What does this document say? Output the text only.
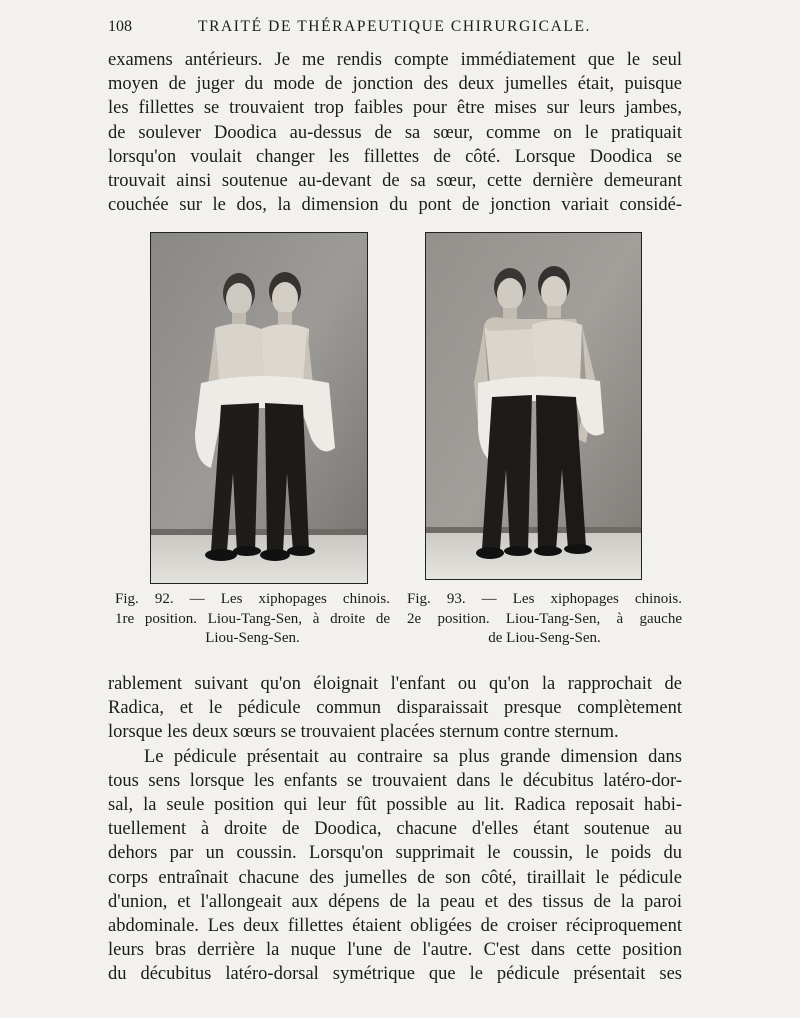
108	TRAITÉ DE THÉRAPEUTIQUE CHIRURGICALE.
examens antérieurs. Je me rendis compte immédiatement que le seul
moyen de juger du mode de jonction des deux jumelles était, puisque
les fillettes se trouvaient trop faibles pour être mises sur leurs jambes,
de soulever Doodica au-dessus de sa sœur, comme on le pratiquait
lorsqu'on voulait changer les fillettes de côté. Lorsque Doodica se
trouvait ainsi soutenue au-devant de sa sœur, cette dernière demeurant
couchée sur le dos, la dimension du pont de jonction variait considé-
Fig. 92. — Les xiphopages chinois.
1re position. Liou-Tang-Sen, à droite de
Liou-Seng-Sen.
Fig. 93. — Les xiphopages chinois.
2e position. Liou-Tang-Sen, à gauche
de Liou-Seng-Sen.
rablement suivant qu'on éloignait l'enfant ou qu'on la rapprochait de
Radica, et le pédicule commun disparaissait presque complètement
lorsque les deux sœurs se trouvaient placées sternum contre sternum.
Le pédicule présentait au contraire sa plus grande dimension dans
tous sens lorsque les enfants se trouvaient dans le décubitus latéro-dor-
sal, la seule position qui leur fût possible au lit. Radica reposait habi-
tuellement à droite de Doodica, chacune d'elles étant soutenue au
dehors par un coussin. Lorsqu'on supprimait le coussin, le poids du
corps entraînait chacune des jumelles de son côté, tiraillait le pédicule
d'union, et l'allongeait aux dépens de la peau et des tissus de la paroi
abdominale. Les deux fillettes étaient obligées de croiser réciproquement
leurs bras derrière la nuque l'une de l'autre. C'est dans cette position
du décubitus latéro-dorsal symétrique que le pédicule présentait ses
